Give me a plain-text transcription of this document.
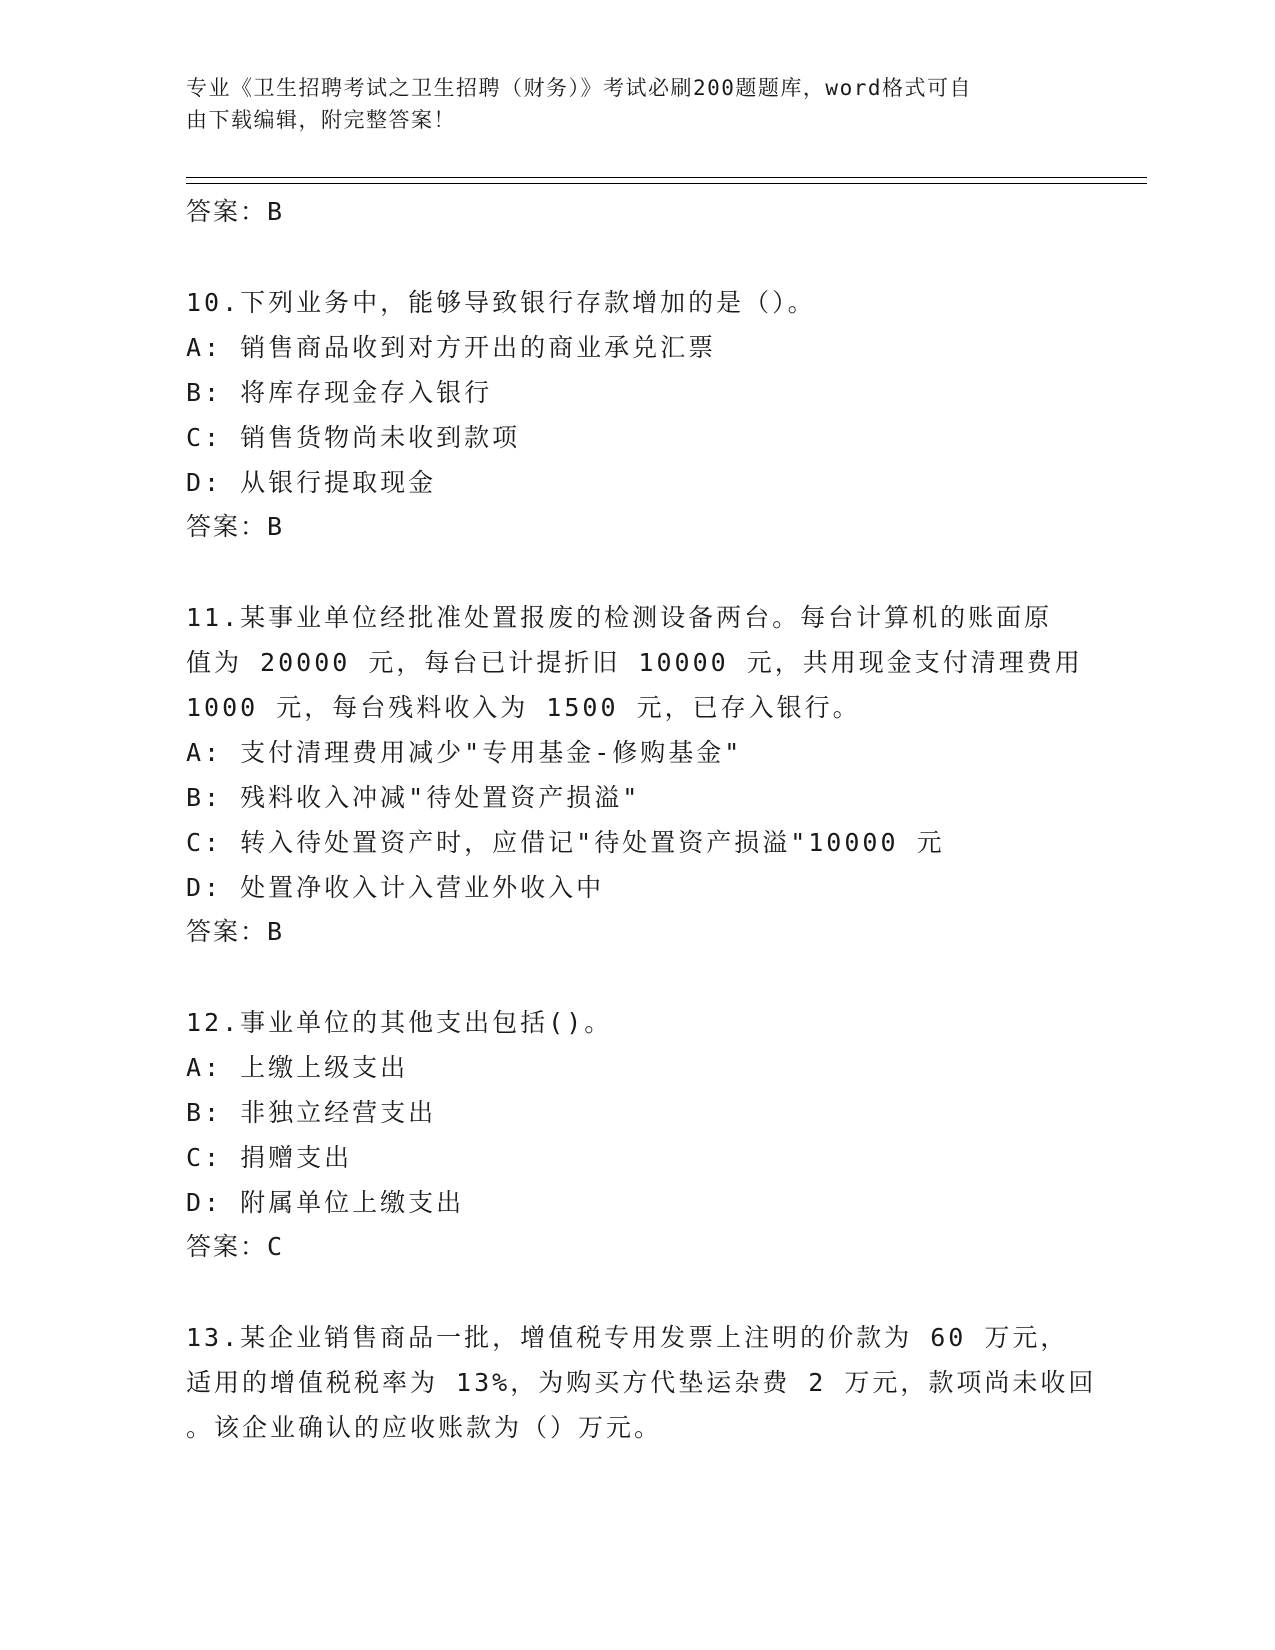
专业《卫生招聘考试之卫生招聘（财务）》考试必刷200题题库，word格式可自
由下载编辑，附完整答案！
答案：B
10.下列业务中，能够导致银行存款增加的是（）。
A: 销售商品收到对方开出的商业承兑汇票
B: 将库存现金存入银行
C: 销售货物尚未收到款项
D: 从银行提取现金
答案：B
11.某事业单位经批准处置报废的检测设备两台。每台计算机的账面原
值为 20000 元，每台已计提折旧 10000 元，共用现金支付清理费用
1000 元，每台残料收入为 1500 元，已存入银行。
A: 支付清理费用减少"专用基金-修购基金"
B: 残料收入冲减"待处置资产损溢"
C: 转入待处置资产时，应借记"待处置资产损溢"10000 元
D: 处置净收入计入营业外收入中
答案：B
12.事业单位的其他支出包括()。
A: 上缴上级支出
B: 非独立经营支出
C: 捐赠支出
D: 附属单位上缴支出
答案：C
13.某企业销售商品一批，增值税专用发票上注明的价款为 60 万元，
适用的增值税税率为 13%，为购买方代垫运杂费 2 万元，款项尚未收回
。该企业确认的应收账款为（）万元。
